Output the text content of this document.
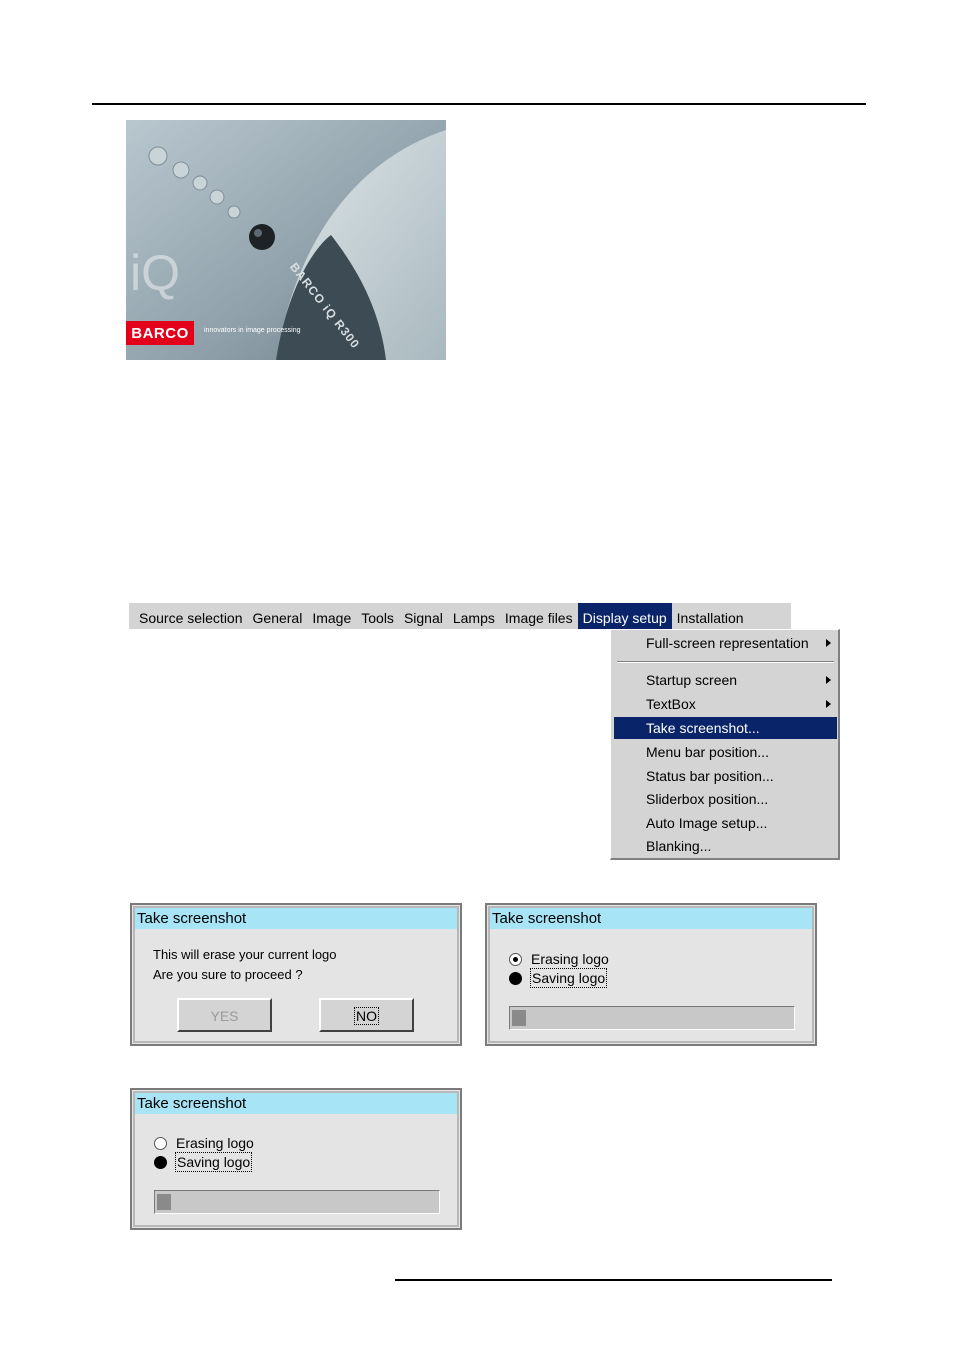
iQ	BARCO iQ R300
BARCO	innovators in image processing
Source selection General Image Tools Signal Lamps Image files Display setup Installation
Full-screen representation
Startup screen
TextBox
Take screenshot...
Menu bar position...
Status bar position...
Sliderbox position...
Auto Image setup...
Blanking...
Take screenshot
This will erase your current logo
Are you sure to proceed ?
YES	NO
Take screenshot
Erasing logo
Saving logo
Take screenshot
Erasing logo
Saving logo
